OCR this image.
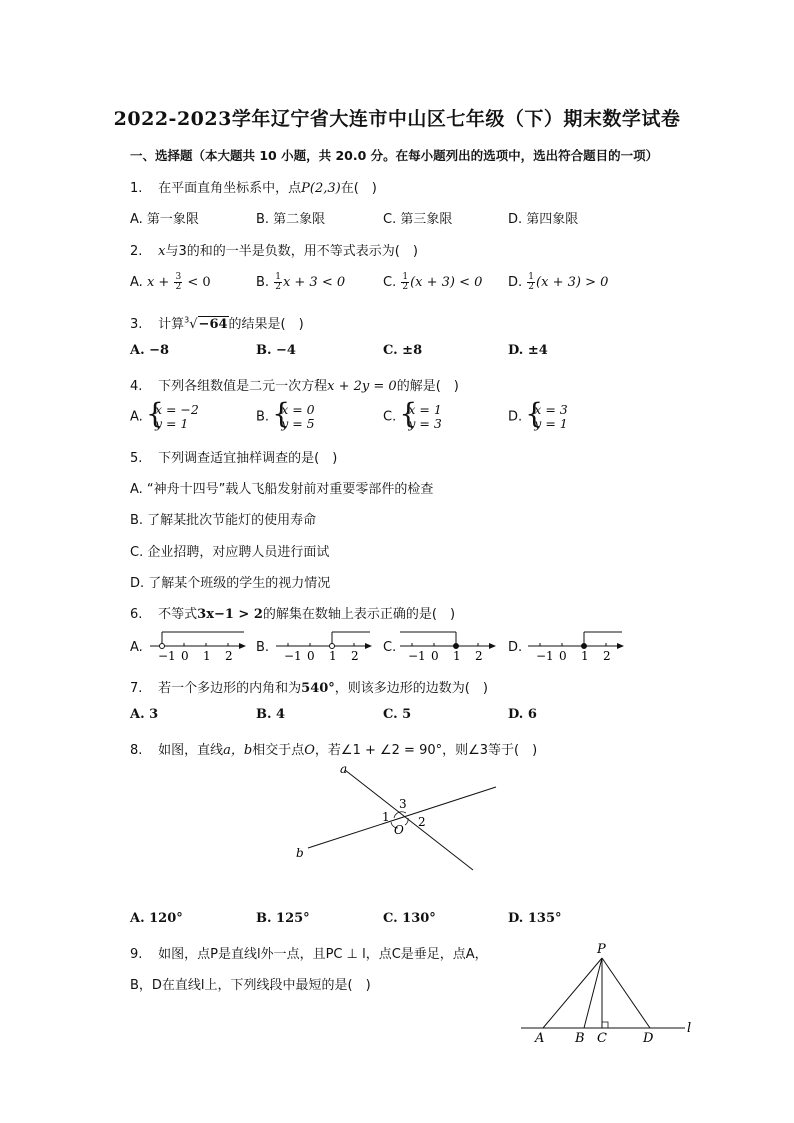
2022-2023学年辽宁省大连市中山区七年级（下）期末数学试卷
一、选择题（本大题共 10 小题，共 20.0 分。在每小题列出的选项中，选出符合题目的一项）
1. 在平面直角坐标系中，点P(2,3)在(　)
A. 第一象限	B. 第二象限	C. 第三象限	D. 第四象限
2. x与3的和的一半是负数，用不等式表示为(　)
A. $x + \frac{3}{2} < 0$	B. $\frac{1}{2}$ x + 3 < 0	C. $\frac{1}{2} (x + 3) < 0$ D. $\frac{1}{2} (x + 3) > 0$
3. 计算$^3$√−64的结果是(　)
A. −8	B. −4	C. ±8	D. ±4
4. 下列各组数值是二元一次方程x + 2y = 0的解是(　)
A. {
x = −2
y = 1	B. {
x = 0
y = 5	C. {
x = 1
y = 3	D. {
x = 3
y = 1
5. 下列调查适宜抽样调查的是(　)
A. “神舟十四号”载人飞船发射前对重要零部件的检查
B. 了解某批次节能灯的使用寿命
C. 企业招聘，对应聘人员进行面试
D. 了解某个班级的学生的视力情况
6. 不等式3x−1 > 2的解集在数轴上表示正确的是(　)
A.	B.	C.	D.
−1 0 1 2	−1 0 1 2	−1 0 1 2	−1 0 1 2
7. 若一个多边形的内角和为540°，则该多边形的边数为(　)
A. 3	B. 4	C. 5	D. 6
8. 如图，直线a，b相交于点O，若∠1 + ∠2 = 90°，则∠3等于(　)
a
b
O
1 2
3
A. 120°	B. 125°	C. 130°	D. 135°
9. 如图，点P是直线l外一点，且PC ⊥ l，点C是垂足，点A，
B，D在直线l上，下列线段中最短的是(　)
P
A B C	D
l
